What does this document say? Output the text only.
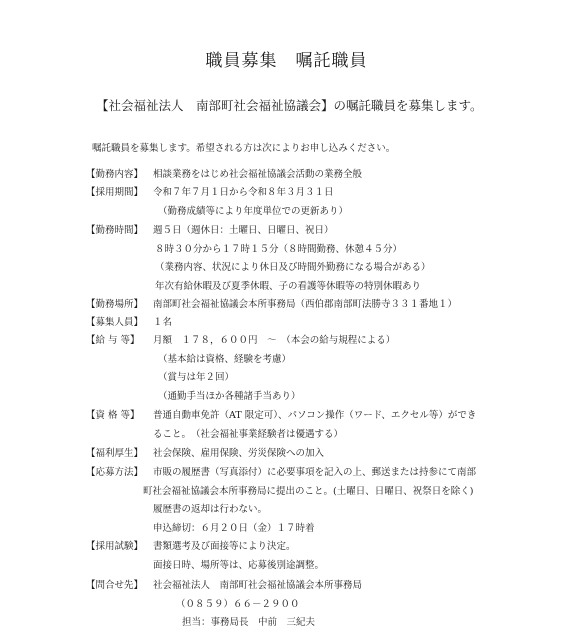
職員募集　嘱託職員
【社会福祉法人　南部町社会福祉協議会】の嘱託職員を募集します。
嘱託職員を募集します。希望される方は次によりお申し込みください。
【勤務内容】 相談業務をはじめ社会福祉協議会活動の業務全般
【採用期間】 令和７年７月１日から令和８年３月３１日
（勤務成績等により年度単位での更新あり）
【勤務時間】 週５日（週休日：土曜日、日曜日、祝日）
８時３０分から１７時１５分（８時間勤務、休憩４５分）
（業務内容、状況により休日及び時間外勤務になる場合がある）
年次有給休暇及び夏季休暇、子の看護等休暇等の特別休暇あり
【勤務場所】 南部町社会福祉協議会本所事務局（西伯郡南部町法勝寺３３１番地１）
【募集人員】 １名
【給 与 等】 月額　１７８，６００円　～　（本会の給与規程による）
（基本給は資格、経験を考慮）
（賞与は年２回）
（通勤手当ほか各種諸手当あり）
【資 格 等】 普通自動車免許（AT 限定可）、パソコン操作（ワード、エクセル等）ができ
ること。　（社会福祉事業経験者は優遇する）
【福利厚生】 社会保険、雇用保険、労災保険への加入
【応募方法】 市販の履歴書（写真添付）に必要事項を記入の上、郵送または持参にて南部
町社会福祉協議会本所事務局に提出のこと。(土曜日、日曜日、祝祭日を除く)
履歴書の返却は行わない。
申込締切：６月２０日（金）１７時着
【採用試験】 書類選考及び面接等により決定。
面接日時、場所等は、応募後別途調整。
【問合せ先】 社会福祉法人　南部町社会福祉協議会本所事務局
（０８５９）６６－２９００
担当：事務局長　中前　三紀夫
